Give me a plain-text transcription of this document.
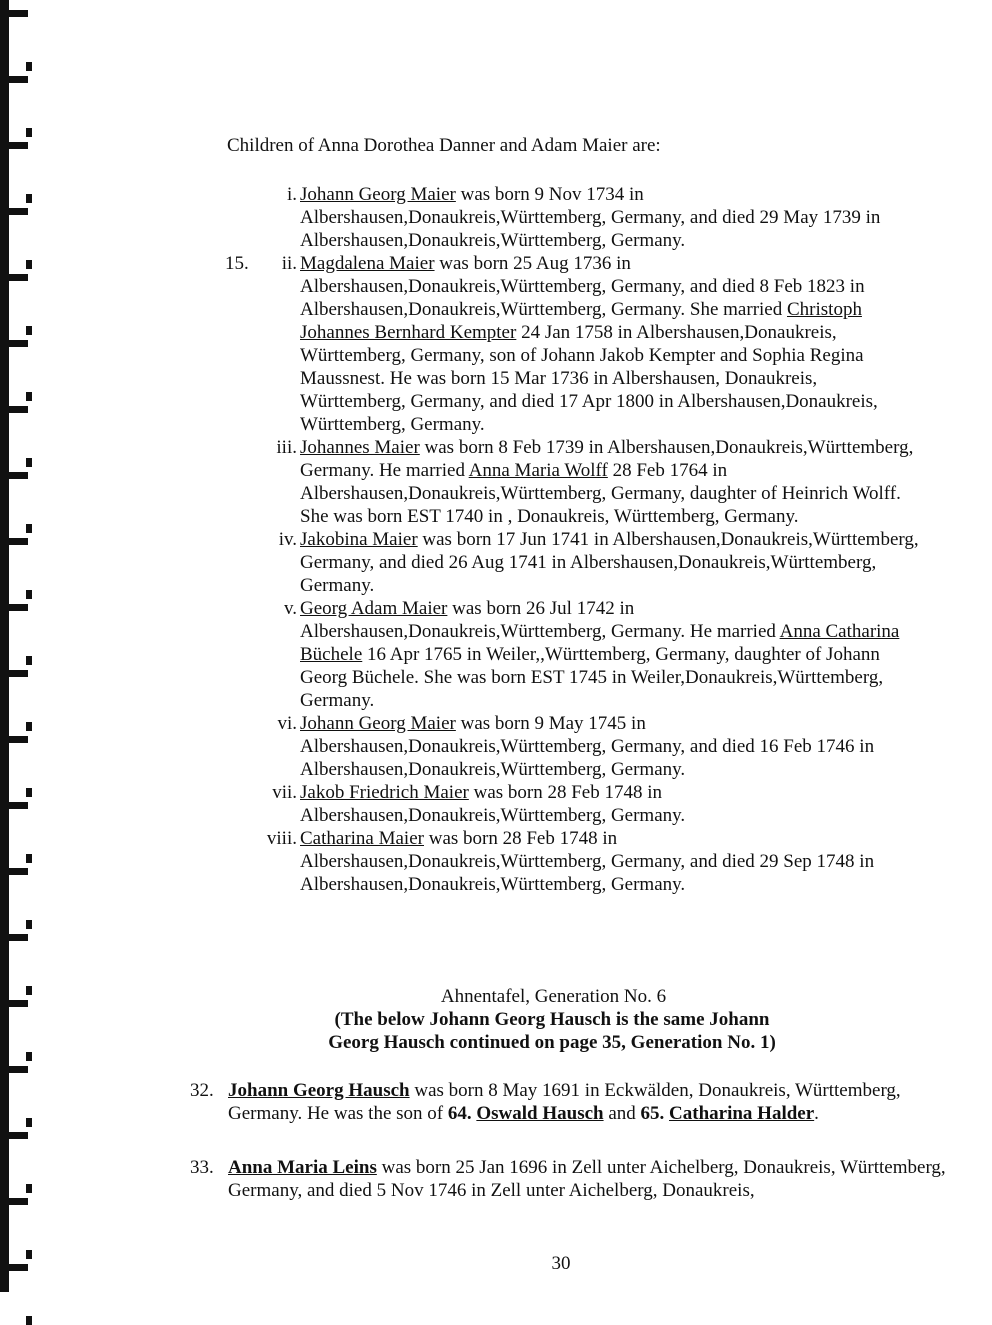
Children of Anna Dorothea Danner and Adam Maier are:
i. Johann Georg Maier was born 9 Nov 1734 in Albershausen,Donaukreis,Württemberg, Germany, and died 29 May 1739 in Albershausen,Donaukreis,Württemberg, Germany.
15. ii. Magdalena Maier was born 25 Aug 1736 in Albershausen,Donaukreis,Württemberg, Germany, and died 8 Feb 1823 in Albershausen,Donaukreis,Württemberg, Germany. She married Christoph Johannes Bernhard Kempter 24 Jan 1758 in Albershausen,Donaukreis, Württemberg, Germany, son of Johann Jakob Kempter and Sophia Regina Maussnest. He was born 15 Mar 1736 in Albershausen, Donaukreis, Württemberg, Germany, and died 17 Apr 1800 in Albershausen,Donaukreis, Württemberg, Germany.
iii. Johannes Maier was born 8 Feb 1739 in Albershausen,Donaukreis,Württemberg, Germany. He married Anna Maria Wolff 28 Feb 1764 in Albershausen,Donaukreis,Württemberg, Germany, daughter of Heinrich Wolff. She was born EST 1740 in , Donaukreis, Württemberg, Germany.
iv. Jakobina Maier was born 17 Jun 1741 in Albershausen,Donaukreis,Württemberg, Germany, and died 26 Aug 1741 in Albershausen,Donaukreis,Württemberg, Germany.
v. Georg Adam Maier was born 26 Jul 1742 in Albershausen,Donaukreis,Württemberg, Germany. He married Anna Catharina Büchele 16 Apr 1765 in Weiler,,Württemberg, Germany, daughter of Johann Georg Büchele. She was born EST 1745 in Weiler,Donaukreis,Württemberg, Germany.
vi. Johann Georg Maier was born 9 May 1745 in Albershausen,Donaukreis,Württemberg, Germany, and died 16 Feb 1746 in Albershausen,Donaukreis,Württemberg, Germany.
vii. Jakob Friedrich Maier was born 28 Feb 1748 in Albershausen,Donaukreis,Württemberg, Germany.
viii. Catharina Maier was born 28 Feb 1748 in Albershausen,Donaukreis,Württemberg, Germany, and died 29 Sep 1748 in Albershausen,Donaukreis,Württemberg, Germany.
Ahnentafel, Generation No. 6
(The below Johann Georg Hausch is the same Johann Georg Hausch continued on page 35, Generation No. 1)
32. Johann Georg Hausch was born 8 May 1691 in Eckwälden, Donaukreis, Württemberg, Germany. He was the son of 64. Oswald Hausch and 65. Catharina Halder.
33. Anna Maria Leins was born 25 Jan 1696 in Zell unter Aichelberg, Donaukreis, Württemberg, Germany, and died 5 Nov 1746 in Zell unter Aichelberg, Donaukreis,
30
